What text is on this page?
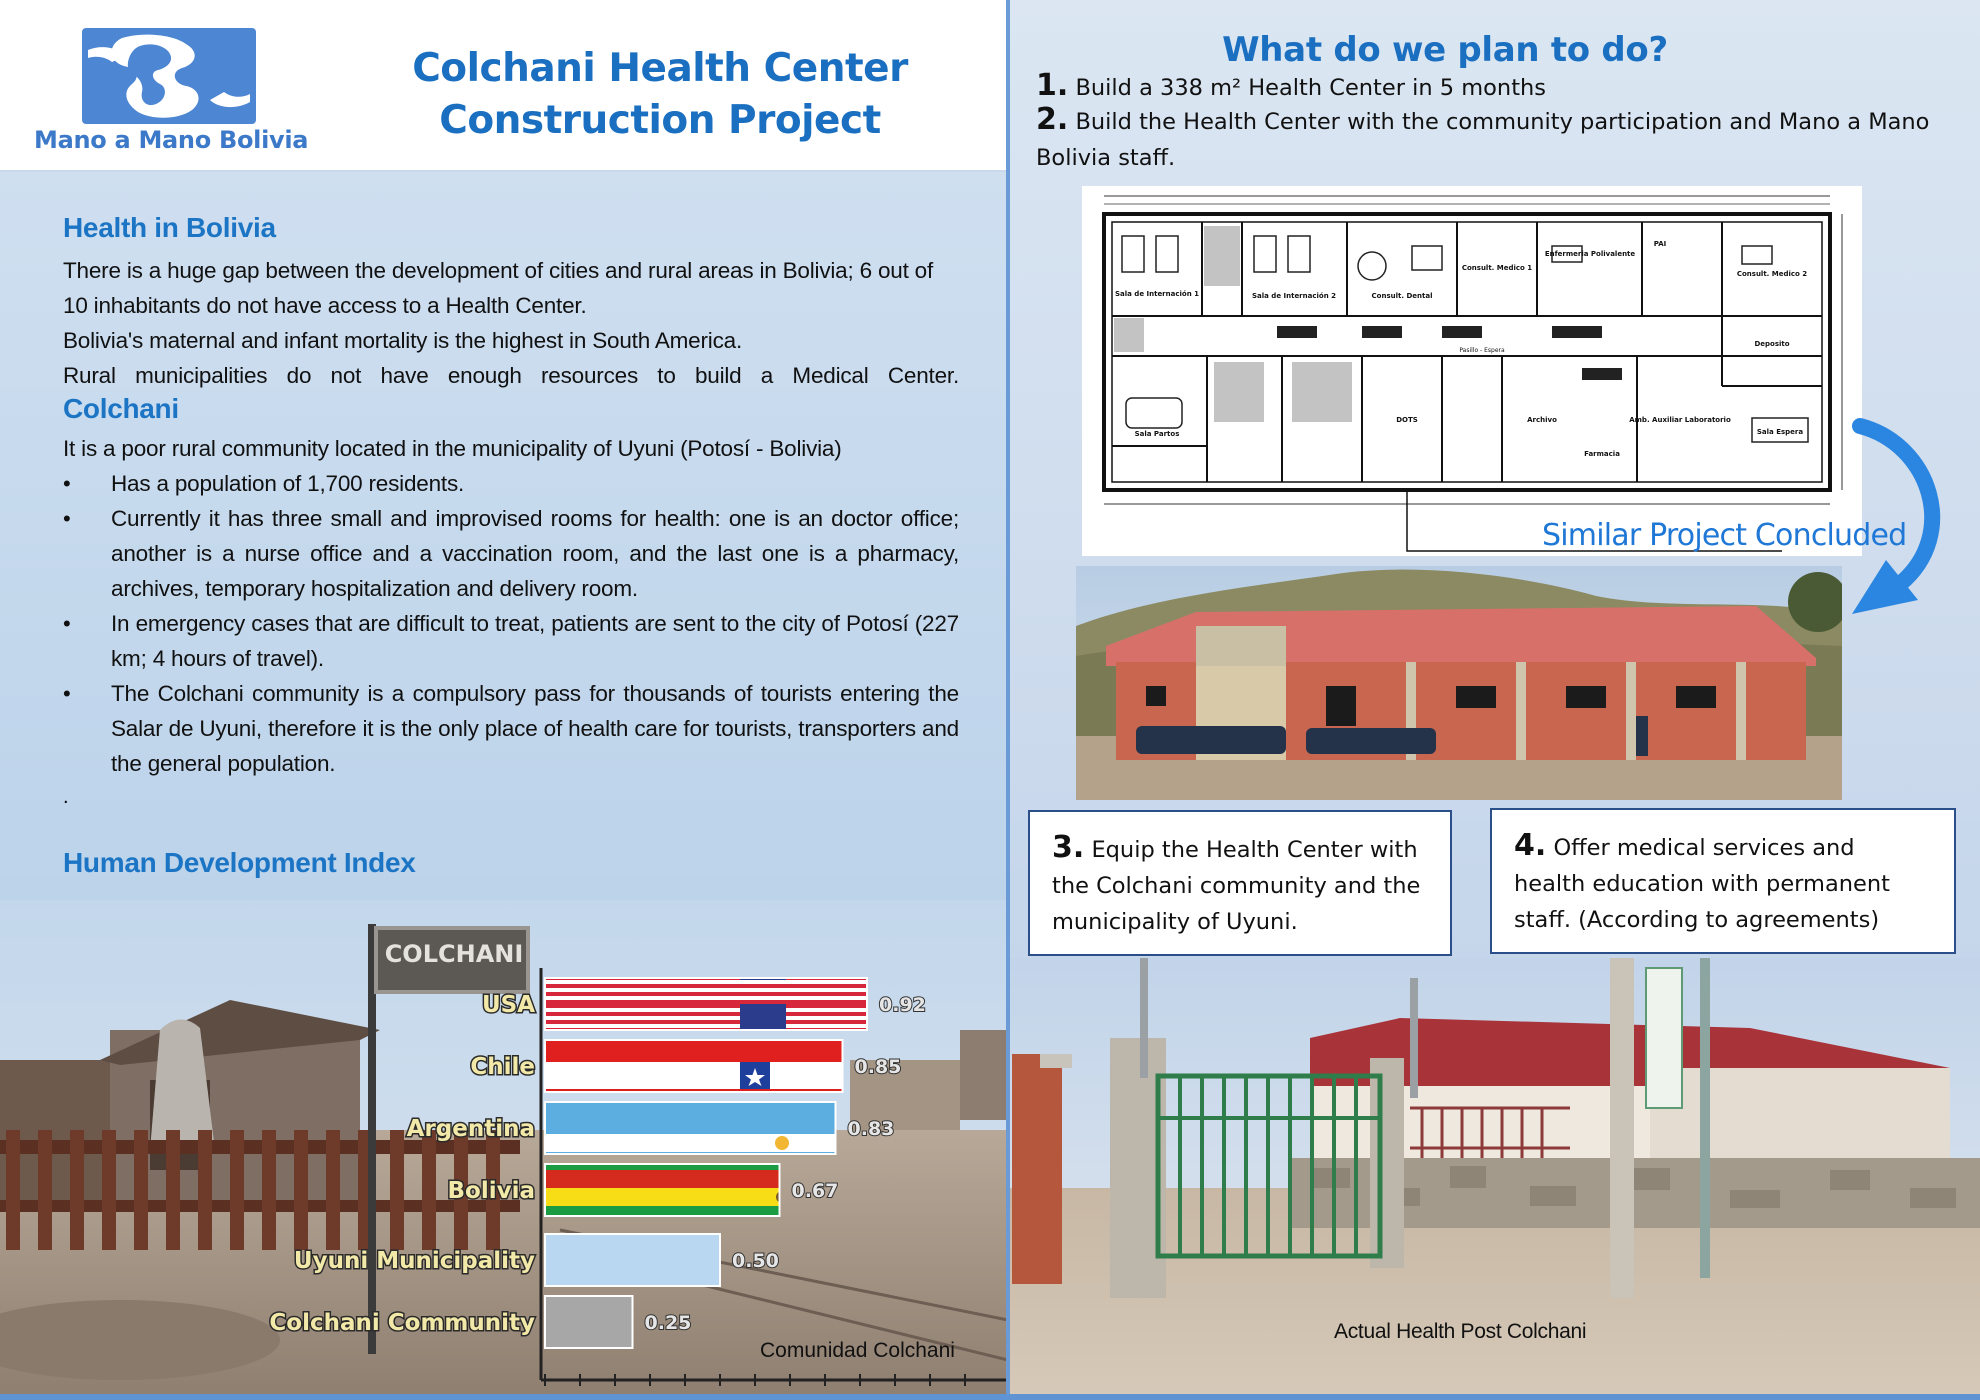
Mano a Mano Bolivia
Colchani Health Center
Construction Project
Health in Bolivia
There is a huge gap between the development of cities and rural areas in Bolivia; 6 out of 10 inhabitants do not have access to a Health Center.
Bolivia's maternal and infant mortality is the highest in South America.
Rural municipalities do not have enough resources to build a Medical Center.
Colchani
It is a poor rural community located in the municipality of Uyuni (Potosí - Bolivia)
•	Has a population of 1,700 residents.
•	Currently it has three small and improvised rooms for health: one is an doctor office; another is a nurse office and a vaccination room, and the last one is a pharmacy, archives, temporary hospitalization and delivery room.
•	In emergency cases that are difficult to treat, patients are sent to the city of Potosí (227 km; 4 hours of travel).
•	The Colchani community is a compulsory pass for thousands of tourists entering the Salar de Uyuni, therefore it is the only place of health care for tourists, transporters and the general population.
.
Human Development Index
COLCHANI
USA	0.92
Chile	0.85
Argentina	0.83
Bolivia	0.67
Uyuni Municipality	0.50
Colchani Community	0.25
Comunidad Colchani
What do we plan to do?
1. Build a 338 m² Health Center in 5 months
2. Build the Health Center with the community participation and Mano a Mano Bolivia staff.
Sala de Internación 1	Sala de Internación 2	Consult. Dental
Consult. Medico 1
Enfermeria Polivalente
PAI
Consult. Medico 2
Deposito
Sala Partos
DOTS	Archivo
Farmacia
Amb. Auxiliar Laboratorio
Sala Espera
Pasillo - Espera
Similar Project Concluded
3. Equip the Health Center with the Colchani community and the municipality of Uyuni.
4. Offer medical services and health education with permanent staff. (According to agreements)
Actual Health Post Colchani
